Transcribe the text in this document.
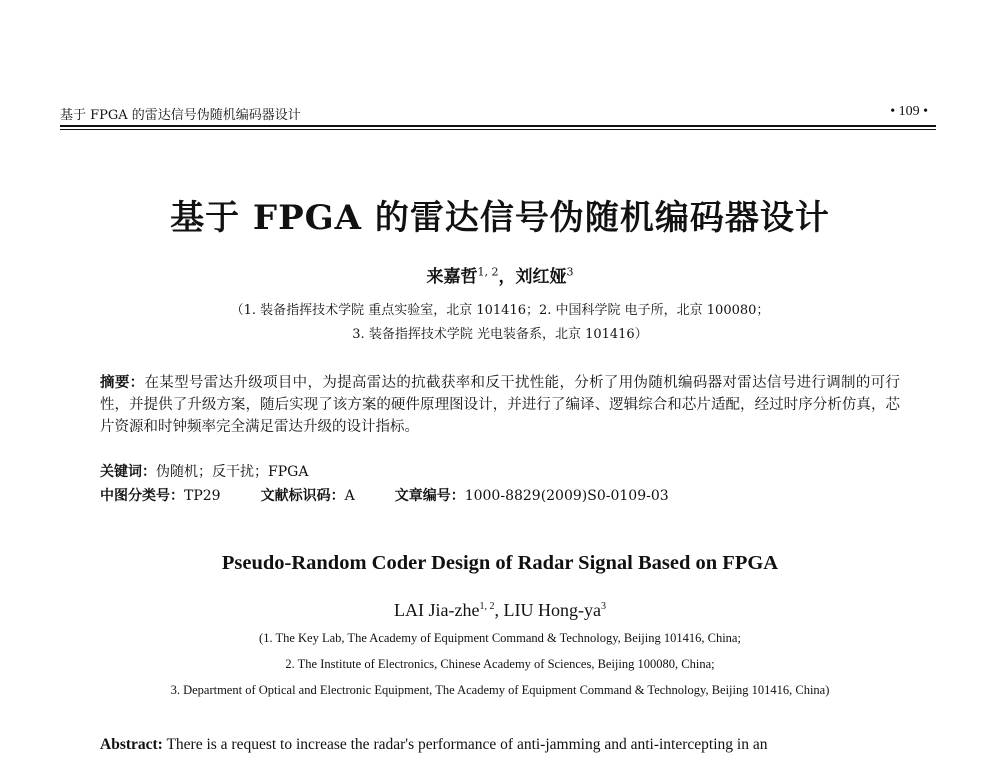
基于 FPGA 的雷达信号伪随机编码器设计	• 109 •
基于 FPGA 的雷达信号伪随机编码器设计
来嘉哲$^{1, 2}$，刘红娅$^3$
（1. 装备指挥技术学院 重点实验室，北京 101416；2. 中国科学院 电子所，北京 100080；
3. 装备指挥技术学院 光电装备系，北京 101416）
摘要：在某型号雷达升级项目中，为提高雷达的抗截获率和反干扰性能，分析了用伪随机编码器对雷达信号进行调制的可行性，并提供了升级方案，随后实现了该方案的硬件原理图设计，并进行了编译、逻辑综合和芯片适配，经过时序分析仿真，芯片资源和时钟频率完全满足雷达升级的设计指标。
关键词：伪随机；反干扰；FPGA
中图分类号：TP29	文献标识码：A	文章编号：1000-8829(2009)S0-0109-03
Pseudo-Random Coder Design of Radar Signal Based on FPGA
LAI Jia-zhe$^{1, 2}$, LIU Hong-$ya^3$
(1. The Key Lab, The Academy of Equipment Command & Technology, Beijing 101416, China;
2. The Institute of Electronics, Chinese Academy of Sciences, Beijing 100080, China;
3. Department of Optical and Electronic Equipment, The Academy of Equipment Command & Technology, Beijing 101416, China)
Abstract: There is a request to increase the radar's performance of anti-jamming and anti-intercepting in an
